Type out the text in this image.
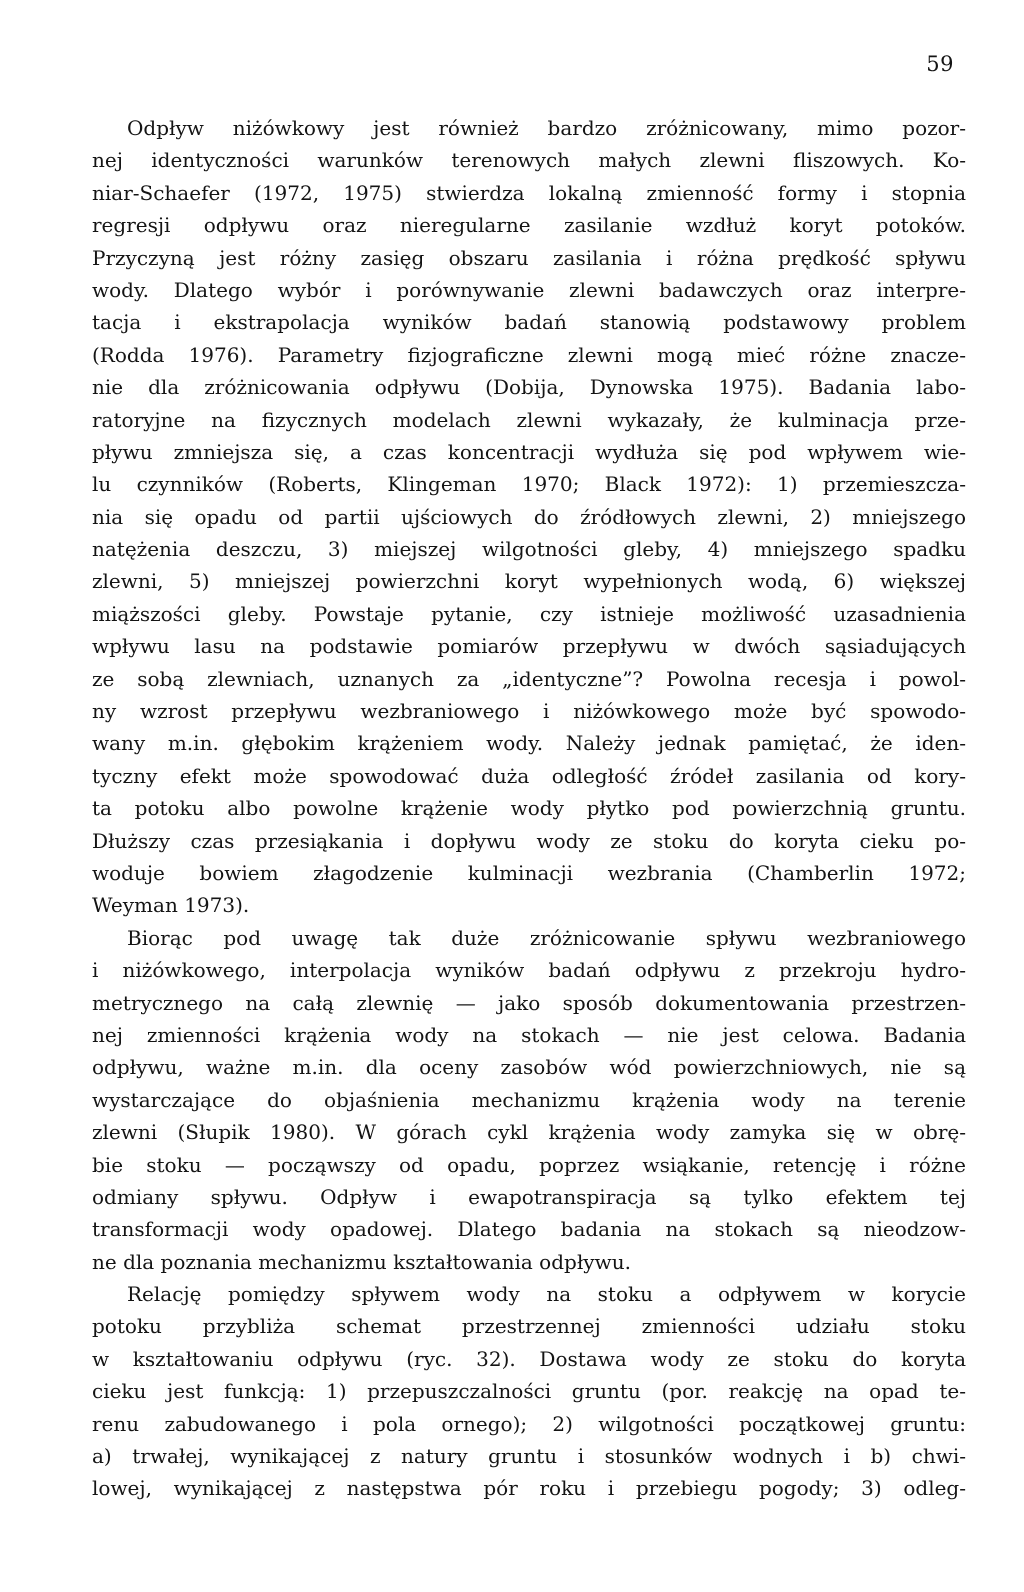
59
Odpływ niżówkowy jest również bardzo zróżnicowany, mimo pozor-
nej identyczności warunków terenowych małych zlewni fliszowych. Ko-
niar-Schaefer (1972, 1975) stwierdza lokalną zmienność formy i stopnia
regresji odpływu oraz nieregularne zasilanie wzdłuż koryt potoków.
Przyczyną jest różny zasięg obszaru zasilania i różna prędkość spływu
wody. Dlatego wybór i porównywanie zlewni badawczych oraz interpre-
tacja i ekstrapolacja wyników badań stanowią podstawowy problem
(Rodda 1976). Parametry fizjograficzne zlewni mogą mieć różne znacze-
nie dla zróżnicowania odpływu (Dobija, Dynowska 1975). Badania labo-
ratoryjne na fizycznych modelach zlewni wykazały, że kulminacja prze-
pływu zmniejsza się, a czas koncentracji wydłuża się pod wpływem wie-
lu czynników (Roberts, Klingeman 1970; Black 1972): 1) przemieszcza-
nia się opadu od partii ujściowych do źródłowych zlewni, 2) mniejszego
natężenia deszczu, 3) miejszej wilgotności gleby, 4) mniejszego spadku
zlewni, 5) mniejszej powierzchni koryt wypełnionych wodą, 6) większej
miąższości gleby. Powstaje pytanie, czy istnieje możliwość uzasadnienia
wpływu lasu na podstawie pomiarów przepływu w dwóch sąsiadujących
ze sobą zlewniach, uznanych za „identyczne”? Powolna recesja i powol-
ny wzrost przepływu wezbraniowego i niżówkowego może być spowodo-
wany m.in. głębokim krążeniem wody. Należy jednak pamiętać, że iden-
tyczny efekt może spowodować duża odległość źródeł zasilania od kory-
ta potoku albo powolne krążenie wody płytko pod powierzchnią gruntu.
Dłuższy czas przesiąkania i dopływu wody ze stoku do koryta cieku po-
woduje bowiem złagodzenie kulminacji wezbrania (Chamberlin 1972;
Weyman 1973).
Biorąc pod uwagę tak duże zróżnicowanie spływu wezbraniowego
i niżówkowego, interpolacja wyników badań odpływu z przekroju hydro-
metrycznego na całą zlewnię — jako sposób dokumentowania przestrzen-
nej zmienności krążenia wody na stokach — nie jest celowa. Badania
odpływu, ważne m.in. dla oceny zasobów wód powierzchniowych, nie są
wystarczające do objaśnienia mechanizmu krążenia wody na terenie
zlewni (Słupik 1980). W górach cykl krążenia wody zamyka się w obrę-
bie stoku — począwszy od opadu, poprzez wsiąkanie, retencję i różne
odmiany spływu. Odpływ i ewapotranspiracja są tylko efektem tej
transformacji wody opadowej. Dlatego badania na stokach są nieodzow-
ne dla poznania mechanizmu kształtowania odpływu.
Relację pomiędzy spływem wody na stoku a odpływem w korycie
potoku przybliża schemat przestrzennej zmienności udziału stoku
w kształtowaniu odpływu (ryc. 32). Dostawa wody ze stoku do koryta
cieku jest funkcją: 1) przepuszczalności gruntu (por. reakcję na opad te-
renu zabudowanego i pola ornego); 2) wilgotności początkowej gruntu:
a) trwałej, wynikającej z natury gruntu i stosunków wodnych i b) chwi-
lowej, wynikającej z następstwa pór roku i przebiegu pogody; 3) odleg-
